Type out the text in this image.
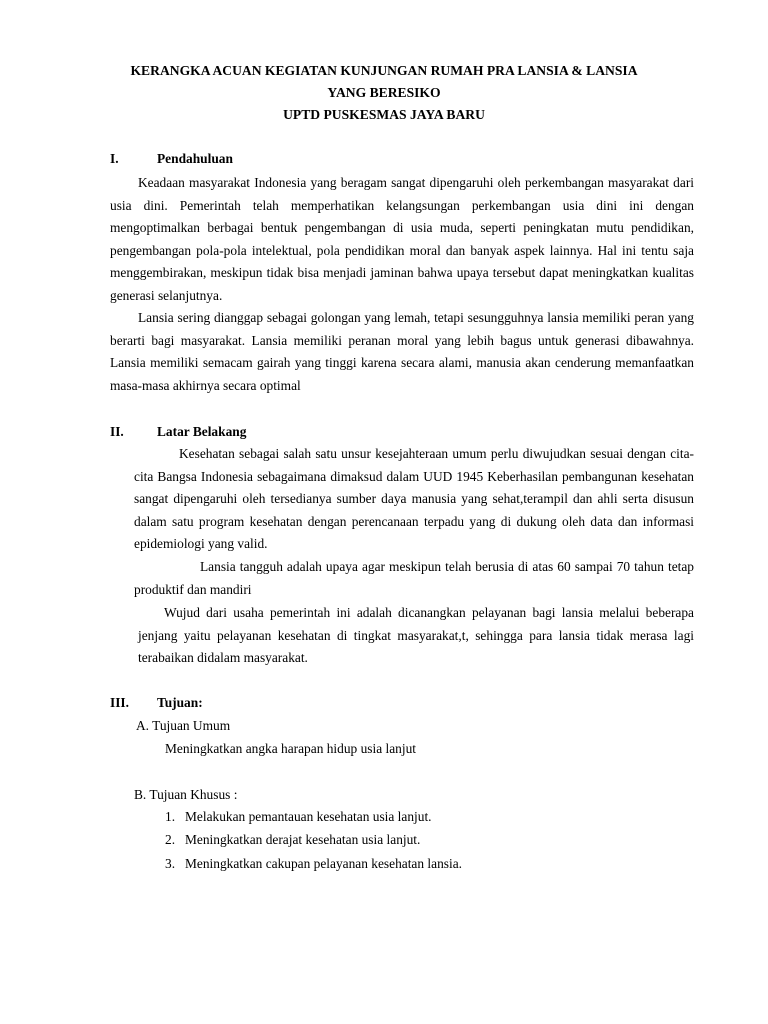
KERANGKA ACUAN KEGIATAN KUNJUNGAN RUMAH PRA LANSIA & LANSIA
YANG BERESIKO
UPTD PUSKESMAS JAYA BARU
I.	Pendahuluan

Keadaan masyarakat Indonesia yang beragam sangat dipengaruhi oleh perkembangan masyarakat dari usia dini. Pemerintah telah memperhatikan kelangsungan perkembangan usia dini ini dengan mengoptimalkan berbagai bentuk pengembangan di usia muda, seperti peningkatan mutu pendidikan, pengembangan pola-pola intelektual, pola pendidikan moral dan banyak aspek lainnya. Hal ini tentu saja menggembirakan, meskipun tidak bisa menjadi jaminan bahwa upaya tersebut dapat meningkatkan kualitas generasi selanjutnya.

Lansia sering dianggap sebagai golongan yang lemah, tetapi sesungguhnya lansia memiliki peran yang berarti bagi masyarakat. Lansia memiliki peranan moral yang lebih bagus untuk generasi dibawahnya. Lansia memiliki semacam gairah yang tinggi karena secara alami, manusia akan cenderung memanfaatkan masa-masa akhirnya secara optimal

II. Latar Belakang

Kesehatan sebagai salah satu unsur kesejahteraan umum perlu diwujudkan sesuai dengan cita-cita Bangsa Indonesia sebagaimana dimaksud dalam UUD 1945 Keberhasilan pembangunan kesehatan sangat dipengaruhi oleh tersedianya sumber daya manusia yang sehat,terampil dan ahli serta disusun dalam satu program kesehatan dengan perencanaan terpadu yang di dukung oleh data dan informasi epidemiologi yang valid.

Lansia tangguh adalah upaya agar meskipun telah berusia di atas 60 sampai 70 tahun tetap produktif dan mandiri

Wujud dari usaha pemerintah ini adalah dicanangkan pelayanan bagi lansia melalui beberapa jenjang yaitu pelayanan kesehatan di tingkat masyarakat,t, sehingga para lansia tidak merasa lagi terabaikan didalam masyarakat.

III. Tujuan:
A. Tujuan Umum
Meningkatkan angka harapan hidup usia lanjut
B. Tujuan Khusus :
1. Melakukan pemantauan kesehatan usia lanjut.
2. Meningkatkan derajat kesehatan usia lanjut.
3. Meningkatkan cakupan pelayanan kesehatan lansia.
